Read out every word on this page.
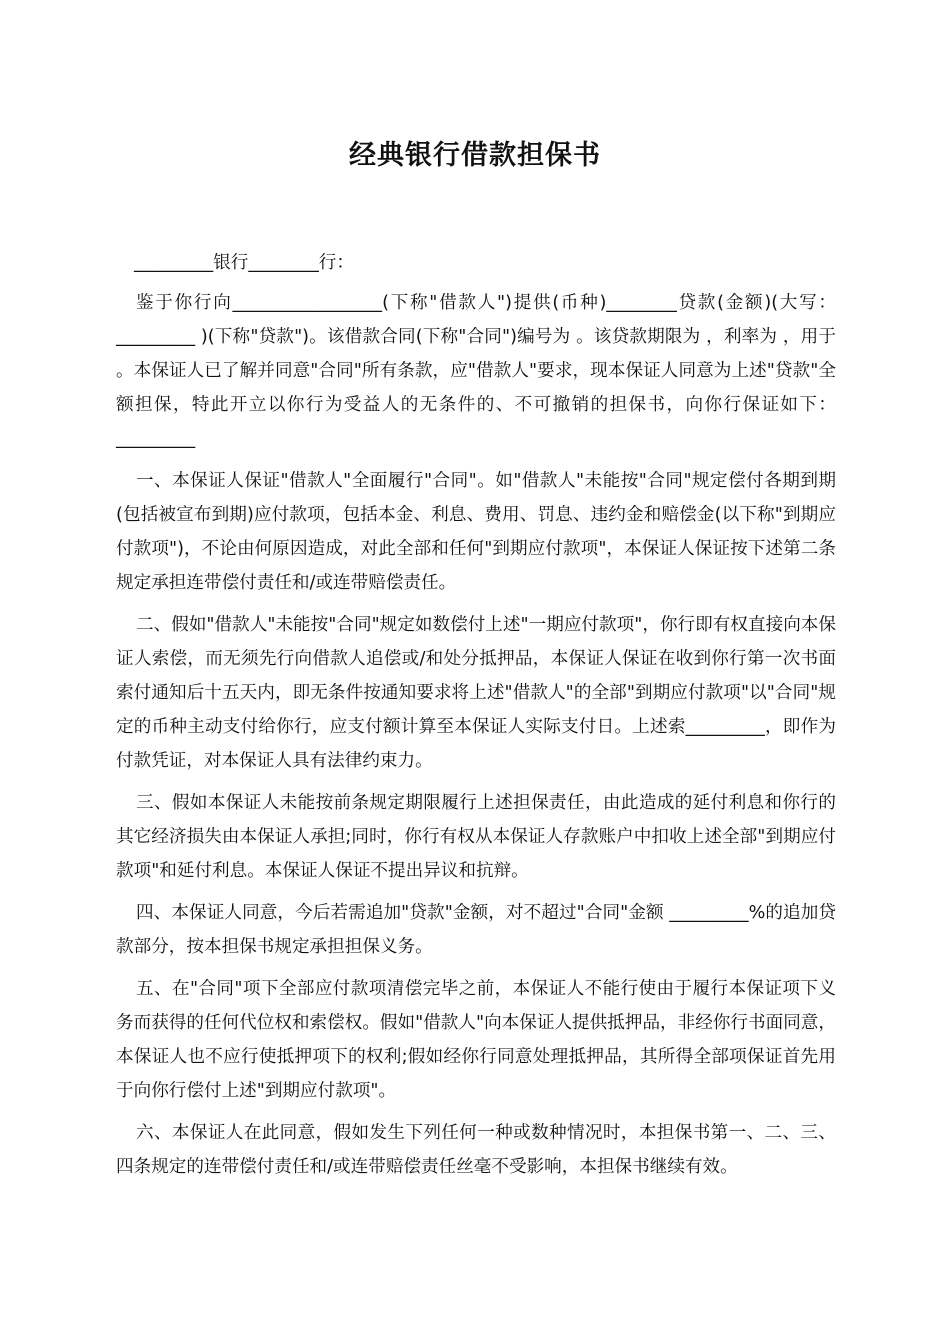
经典银行借款担保书

_________银行________行：

鉴于你行向_________________(下称"借款人")提供(币种)________贷款(金额)(大写：_________ )(下称"贷款")。该借款合同(下称"合同")编号为 。该贷款期限为 ，利率为 ，用于 。本保证人已了解并同意"合同"所有条款，应"借款人"要求，现本保证人同意为上述"贷款"全额担保，特此开立以你行为受益人的无条件的、不可撤销的担保书，向你行保证如下：_________

一、本保证人保证"借款人"全面履行"合同"。如"借款人"未能按"合同"规定偿付各期到期(包括被宣布到期)应付款项，包括本金、利息、费用、罚息、违约金和赔偿金(以下称"到期应付款项")，不论由何原因造成，对此全部和任何"到期应付款项"，本保证人保证按下述第二条规定承担连带偿付责任和/或连带赔偿责任。

二、假如"借款人"未能按"合同"规定如数偿付上述"一期应付款项"，你行即有权直接向本保证人索偿，而无须先行向借款人追偿或/和处分抵押品，本保证人保证在收到你行第一次书面索付通知后十五天内，即无条件按通知要求将上述"借款人"的全部"到期应付款项"以"合同"规定的币种主动支付给你行，应支付额计算至本保证人实际支付日。上述索_________，即作为付款凭证，对本保证人具有法律约束力。

三、假如本保证人未能按前条规定期限履行上述担保责任，由此造成的延付利息和你行的其它经济损失由本保证人承担;同时，你行有权从本保证人存款账户中扣收上述全部"到期应付款项"和延付利息。本保证人保证不提出异议和抗辩。

四、本保证人同意，今后若需追加"贷款"金额，对不超过"合同"金额 _________%的追加贷款部分，按本担保书规定承担担保义务。

五、在"合同"项下全部应付款项清偿完毕之前，本保证人不能行使由于履行本保证项下义务而获得的任何代位权和索偿权。假如"借款人"向本保证人提供抵押品，非经你行书面同意，本保证人也不应行使抵押项下的权利;假如经你行同意处理抵押品，其所得全部项保证首先用于向你行偿付上述"到期应付款项"。

六、本保证人在此同意，假如发生下列任何一种或数种情况时，本担保书第一、二、三、四条规定的连带偿付责任和/或连带赔偿责任丝毫不受影响，本担保书继续有效。
